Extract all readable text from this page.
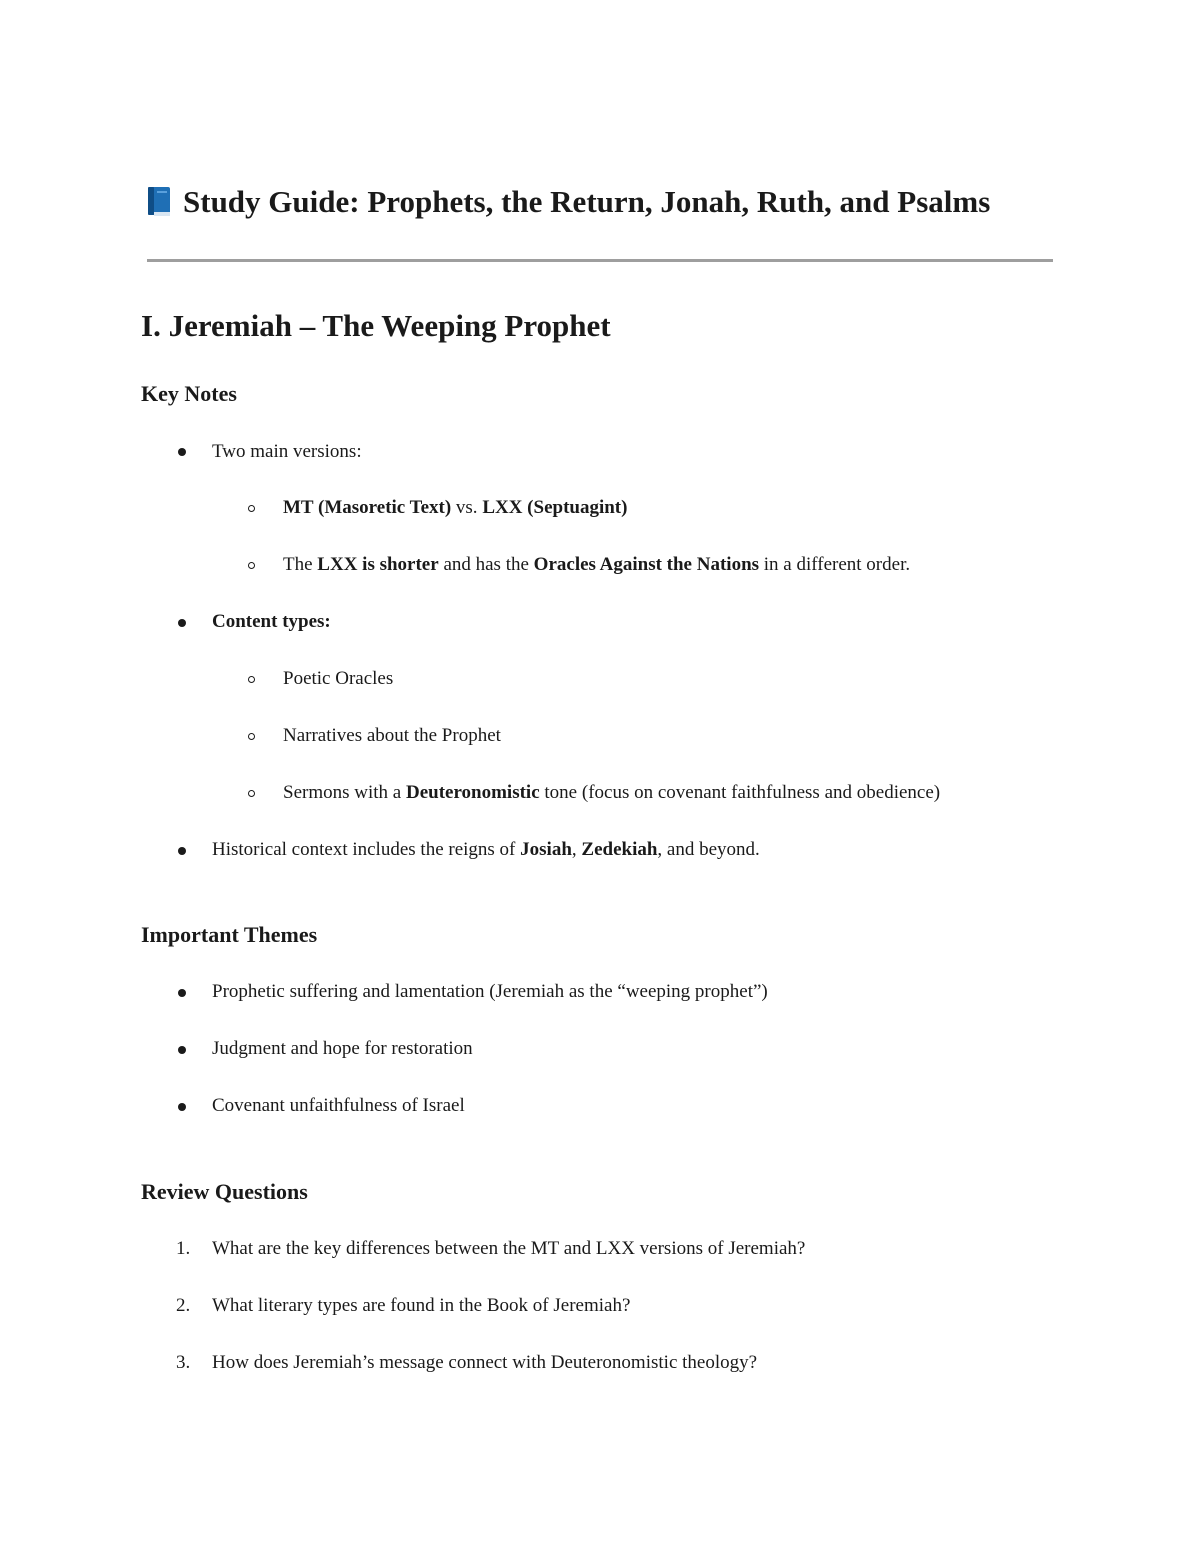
Study Guide: Prophets, the Return, Jonah, Ruth, and Psalms
I. Jeremiah – The Weeping Prophet
Key Notes
Two main versions:
MT (Masoretic Text) vs. LXX (Septuagint)
The LXX is shorter and has the Oracles Against the Nations in a different order.
Content types:
Poetic Oracles
Narratives about the Prophet
Sermons with a Deuteronomistic tone (focus on covenant faithfulness and obedience)
Historical context includes the reigns of Josiah, Zedekiah, and beyond.
Important Themes
Prophetic suffering and lamentation (Jeremiah as the “weeping prophet”)
Judgment and hope for restoration
Covenant unfaithfulness of Israel
Review Questions
1. What are the key differences between the MT and LXX versions of Jeremiah?
2. What literary types are found in the Book of Jeremiah?
3. How does Jeremiah’s message connect with Deuteronomistic theology?
